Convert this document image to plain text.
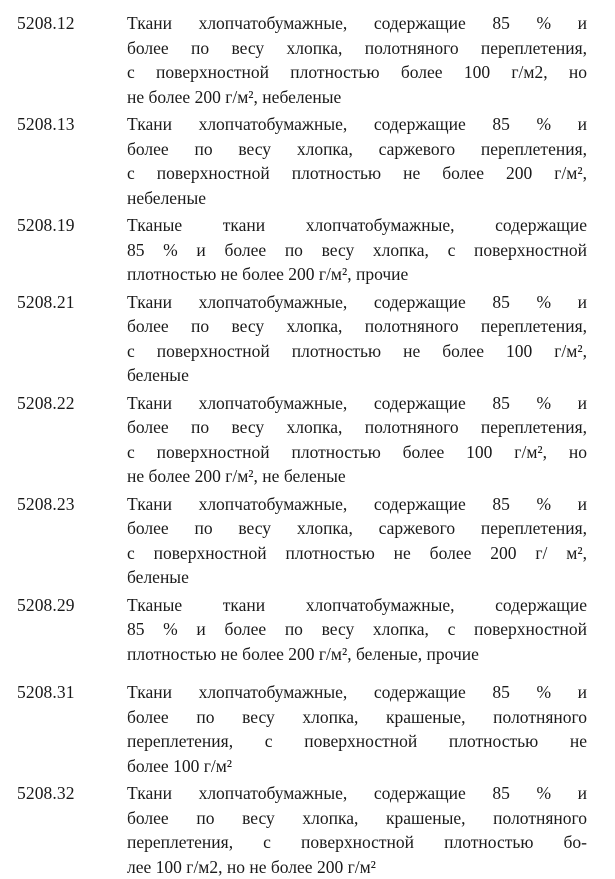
5208.12	Ткани хлопчатобумажные, содержащие 85 % и
более по весу хлопка, полотняного переплетения,
с поверхностной плотностью более 100 г/м2, но
не более 200 г/м², небеленые

5208.13	Ткани хлопчатобумажные, содержащие 85 % и
более по весу хлопка, саржевого переплетения,
с поверхностной плотностью не более 200 г/м²,
небеленые

5208.19	Тканые ткани хлопчатобумажные, содержащие
85 % и более по весу хлопка, с поверхностной
плотностью не более 200 г/м², прочие

5208.21	Ткани хлопчатобумажные, содержащие 85 % и
более по весу хлопка, полотняного переплетения,
с поверхностной плотностью не более 100 г/м²,
беленые

5208.22	Ткани хлопчатобумажные, содержащие 85 % и
более по весу хлопка, полотняного переплетения,
с поверхностной плотностью более 100 г/м², но
не более 200 г/м², не беленые

5208.23	Ткани хлопчатобумажные, содержащие 85 % и
более по весу хлопка, саржевого переплетения,
с поверхностной плотностью не более 200 г/ м²,
беленые

5208.29	Тканые ткани хлопчатобумажные, содержащие
85 % и более по весу хлопка, с поверхностной
плотностью не более 200 г/м², беленые, прочие

5208.31	Ткани хлопчатобумажные, содержащие 85 % и
более по весу хлопка, крашеные, полотняного
переплетения, с поверхностной плотностью не
более 100 г/м²

5208.32	Ткани хлопчатобумажные, содержащие 85 % и
более по весу хлопка, крашеные, полотняного
переплетения, с поверхностной плотностью бо-
лее 100 г/м2, но не более 200 г/м²
